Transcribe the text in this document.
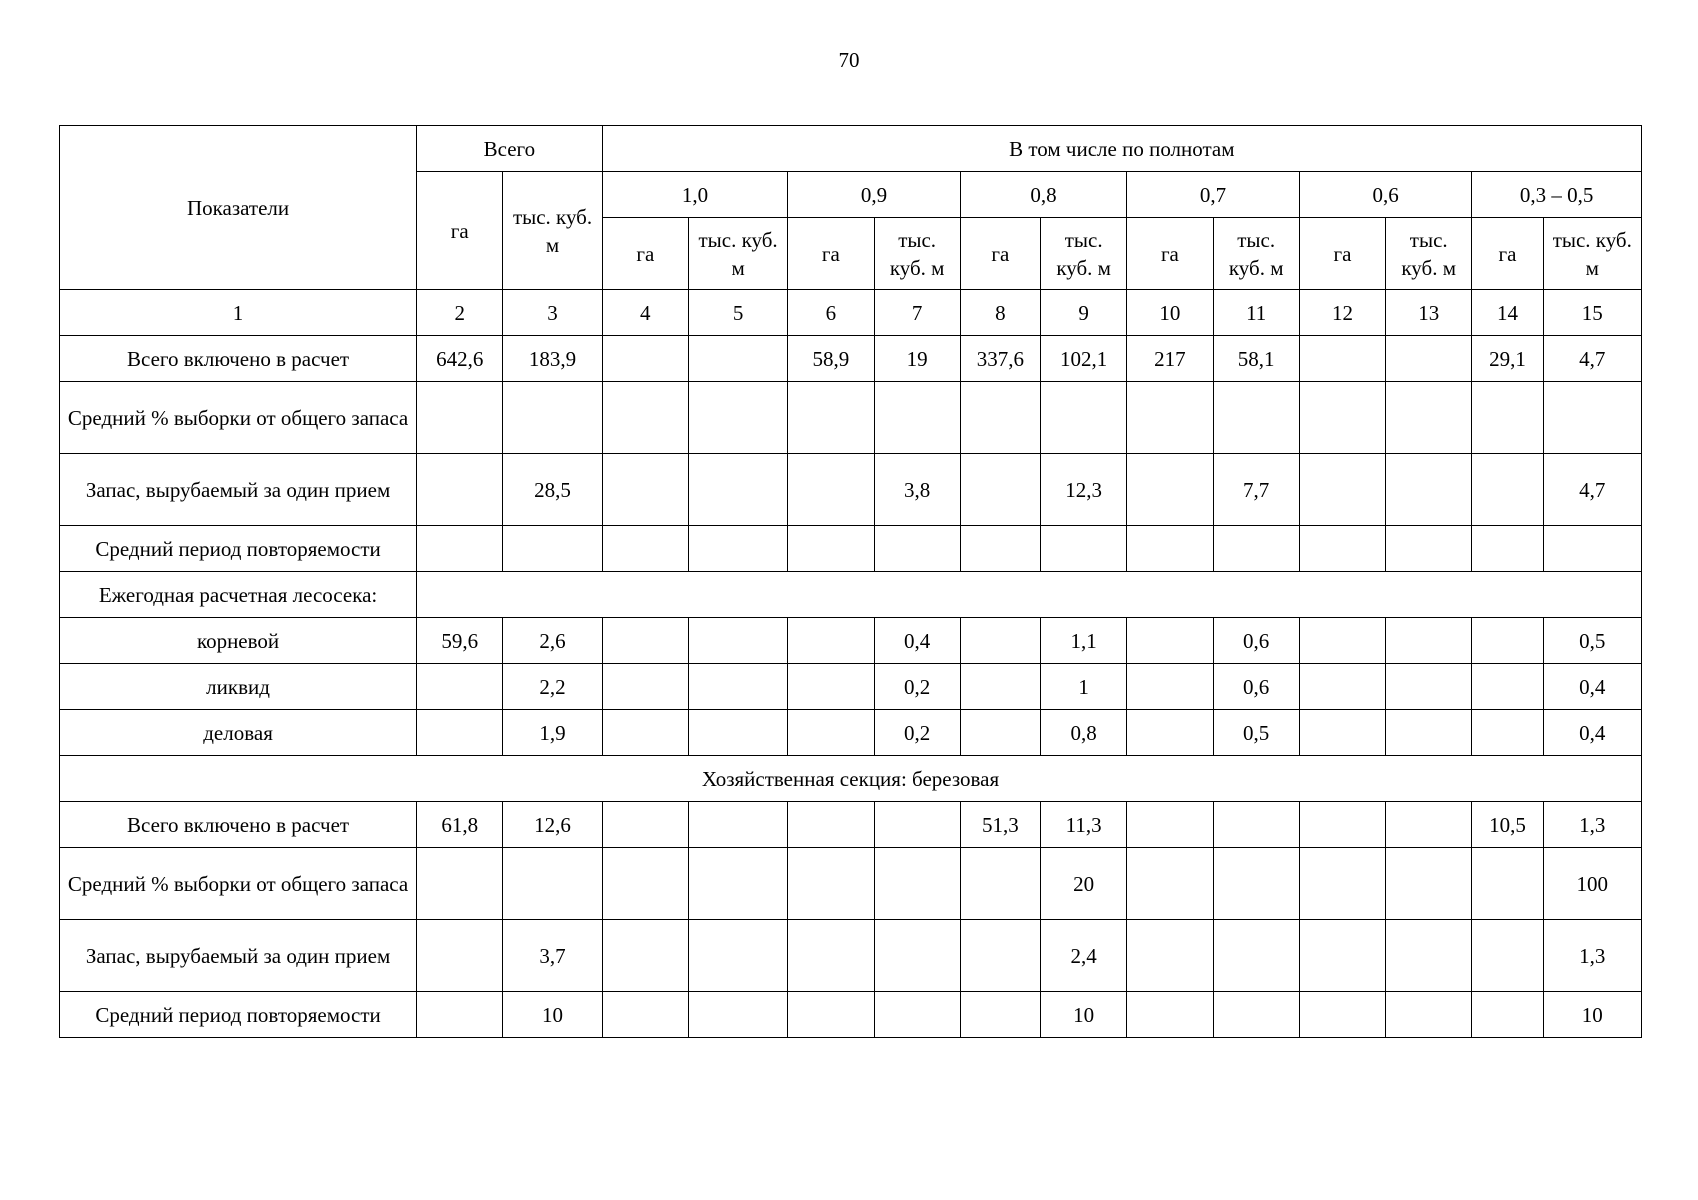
70
Показатели	Всего		В том числе по полнотам											
	га	тыс. куб. м	1,0		0,9		0,8		0,7		0,6		0,3 – 0,5	
			га	тыс. куб. м	га	тыс. куб. м	га	тыс. куб. м	га	тыс. куб. м	га	тыс. куб. м	га	тыс. куб. м
1	2	3	4	5	6	7	8	9	10	11	12	13	14	15
Всего включено в расчет	642,6	183,9			58,9	19	337,6	102,1	217	58,1			29,1	4,7
Средний % выборки от общего запаса														
Запас, вырубаемый за один прием		28,5				3,8		12,3		7,7				4,7
Средний период повторяемости														
Ежегодная расчетная лесосека:														
корневой	59,6	2,6				0,4		1,1		0,6				0,5
ликвид		2,2				0,2		1		0,6				0,4
деловая		1,9				0,2		0,8		0,5				0,4
Хозяйственная секция: березовая														
Всего включено в расчет	61,8	12,6					51,3	11,3					10,5	1,3
Средний % выборки от общего запаса								20						100
Запас, вырубаемый за один прием		3,7						2,4						1,3
Средний период повторяемости		10						10						10
